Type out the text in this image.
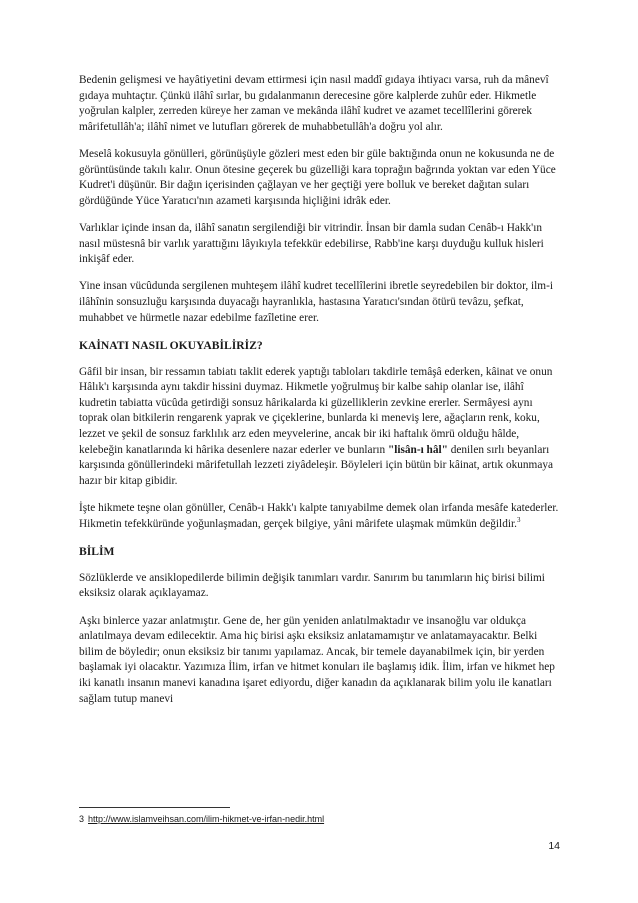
Bedenin gelişmesi ve hayâtiyetini devam ettirmesi için nasıl maddî gıdaya ihtiyacı varsa, ruh da mânevî gıdaya muhtaçtır. Çünkü ilâhî sırlar, bu gıdalanmanın derecesine göre kalplerde zuhûr eder. Hikmetle yoğrulan kalpler, zerreden küreye her zaman ve mekânda ilâhî kudret ve azamet tecellîlerini görerek mârifetullâh'a; ilâhî nimet ve lutufları görerek de muhabbetullâh'a doğru yol alır.

Meselâ kokusuyla gönülleri, görünüşüyle gözleri mest eden bir güle baktığında onun ne kokusunda ne de görüntüsünde takılı kalır. Onun ötesine geçerek bu güzelliği kara toprağın bağrında yoktan var eden Yüce Kudret'i düşünür. Bir dağın içerisinden çağlayan ve her geçtiği yere bolluk ve bereket dağıtan suları gördüğünde Yüce Yaratıcı'nın azameti karşısında hiçliğini idrâk eder.

Varlıklar içinde insan da, ilâhî sanatın sergilendiği bir vitrindir. İnsan bir damla sudan Cenâb-ı Hakk'ın nasıl müstesnâ bir varlık yarattığını lâyıkıyla tefekkür edebilirse, Rabb'ine karşı duyduğu kulluk hisleri inkişâf eder.

Yine insan vücûdunda sergilenen muhteşem ilâhî kudret tecellîlerini ibretle seyredebilen bir doktor, ilm-i ilâhînin sonsuzluğu karşısında duyacağı hayranlıkla, hastasına Yaratıcı'sından ötürü tevâzu, şefkat, muhabbet ve hürmetle nazar edebilme fazîletine erer.

KAİNATI NASIL OKUYABİLİRİZ?

Gâfil bir insan, bir ressamın tabiatı taklit ederek yaptığı tabloları takdirle temâşâ ederken, kâinat ve onun Hâlık'ı karşısında aynı takdir hissini duymaz. Hikmetle yoğrulmuş bir kalbe sahip olanlar ise, ilâhî kudretin tabiatta vücûda getirdiği sonsuz hârikalarda ki güzelliklerin zevkine ererler. Sermâyesi aynı toprak olan bitkilerin rengarenk yaprak ve çiçeklerine, bunlarda ki meneviş lere, ağaçların renk, koku, lezzet ve şekil de sonsuz farklılık arz eden meyvelerine, ancak bir iki haftalık ömrü olduğu hâlde, kelebeğin kanatlarında ki hârika desenlere nazar ederler ve bunların "lisân-ı hâl" denilen sırlı beyanları karşısında gönüllerindeki mârifetullah lezzeti ziyâdeleşir. Böyleleri için bütün bir kâinat, artık okunmaya hazır bir kitap gibidir.

İşte hikmete teşne olan gönüller, Cenâb-ı Hakk'ı kalpte tanıyabilme demek olan irfanda mesâfe katederler. Hikmetin tefekküründe yoğunlaşmadan, gerçek bilgiye, yâni mârifete ulaşmak mümkün değildir.$^3$

BİLİM

Sözlüklerde ve ansiklopedilerde bilimin değişik tanımları vardır. Sanırım bu tanımların hiç birisi bilimi eksiksiz olarak açıklayamaz.

Aşkı binlerce yazar anlatmıştır. Gene de, her gün yeniden anlatılmaktadır ve insanoğlu var oldukça anlatılmaya devam edilecektir. Ama hiç birisi aşkı eksiksiz anlatamamıştır ve anlatamayacaktır. Belki bilim de böyledir; onun eksiksiz bir tanımı yapılamaz. Ancak, bir temele dayanabilmek için, bir yerden başlamak iyi olacaktır. Yazımıza İlim, irfan ve hitmet konuları ile başlamış idik. İlim, irfan ve hikmet hep iki kanatlı insanın manevi kanadına işaret ediyordu, diğer kanadın da açıklanarak bilim yolu ile kanatları sağlam tutup manevi

3 http://www.islamveihsan.com/ilim-hikmet-ve-irfan-nedir.html
14
